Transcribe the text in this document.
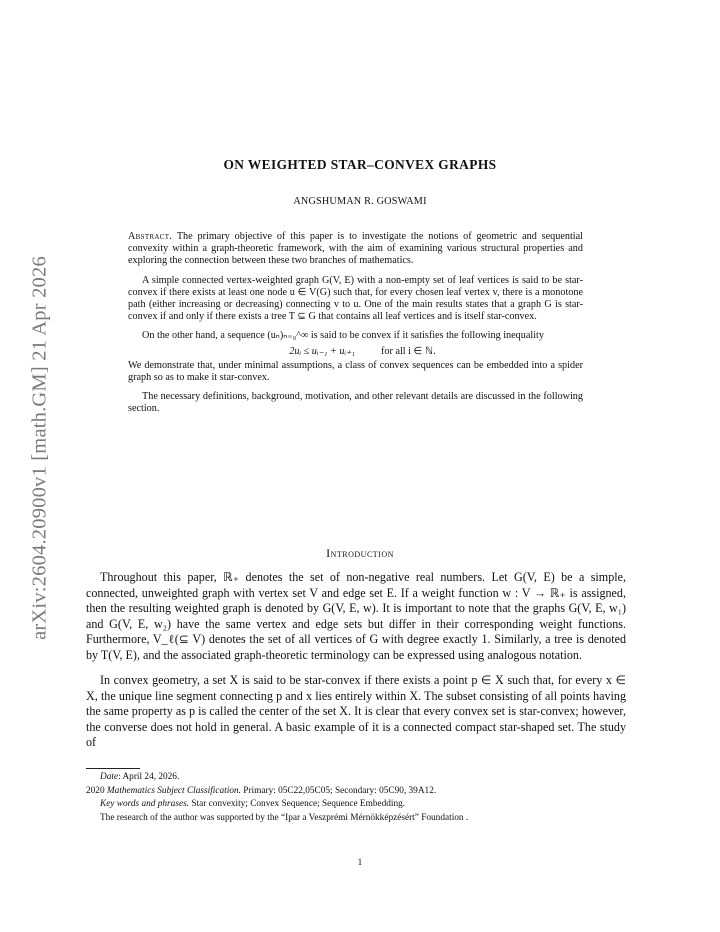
arXiv:2604.20900v1 [math.GM] 21 Apr 2026
ON WEIGHTED STAR–CONVEX GRAPHS
ANGSHUMAN R. GOSWAMI

Abstract. The primary objective of this paper is to investigate the notions of geometric and sequential convexity within a graph-theoretic framework, with the aim of examining various structural properties and exploring the connection between these two branches of mathematics.

A simple connected vertex-weighted graph G(V, E) with a non-empty set of leaf vertices is said to be star-convex if there exists at least one node u ∈ V(G) such that, for every chosen leaf vertex v, there is a monotone path (either increasing or decreasing) connecting v to u. One of the main results states that a graph G is star-convex if and only if there exists a tree T ⊆ G that contains all leaf vertices and is itself star-convex.

On the other hand, a sequence (uₙ)ₙ₌₀^∞ is said to be convex if it satisfies the following inequality
2uᵢ ≤ uᵢ₋₁ + uᵢ₊₁	for all i ∈ ℕ.
We demonstrate that, under minimal assumptions, a class of convex sequences can be embedded into a spider graph so as to make it star-convex.

The necessary definitions, background, motivation, and other relevant details are discussed in the following section.

Introduction

Throughout this paper, ℝ₊ denotes the set of non-negative real numbers. Let G(V, E) be a simple, connected, unweighted graph with vertex set V and edge set E. If a weight function w : V → ℝ₊ is assigned, then the resulting weighted graph is denoted by G(V, E, w). It is important to note that the graphs G(V, E, w₁) and G(V, E, w₂) have the same vertex and edge sets but differ in their corresponding weight functions. Furthermore, V_ℓ(⊆ V) denotes the set of all vertices of G with degree exactly 1. Similarly, a tree is denoted by T(V, E), and the associated graph-theoretic terminology can be expressed using analogous notation.

In convex geometry, a set X is said to be star-convex if there exists a point p ∈ X such that, for every x ∈ X, the unique line segment connecting p and x lies entirely within X. The subset consisting of all points having the same property as p is called the center of the set X. It is clear that every convex set is star-convex; however, the converse does not hold in general. A basic example of it is a connected compact star-shaped set. The study of

Date: April 24, 2026.
2020 Mathematics Subject Classification. Primary: 05C22,05C05; Secondary: 05C90, 39A12.
Key words and phrases. Star convexity; Convex Sequence; Sequence Embedding.
The research of the author was supported by the “Ipar a Veszprémi Mérnökképzésért” Foundation .
1
